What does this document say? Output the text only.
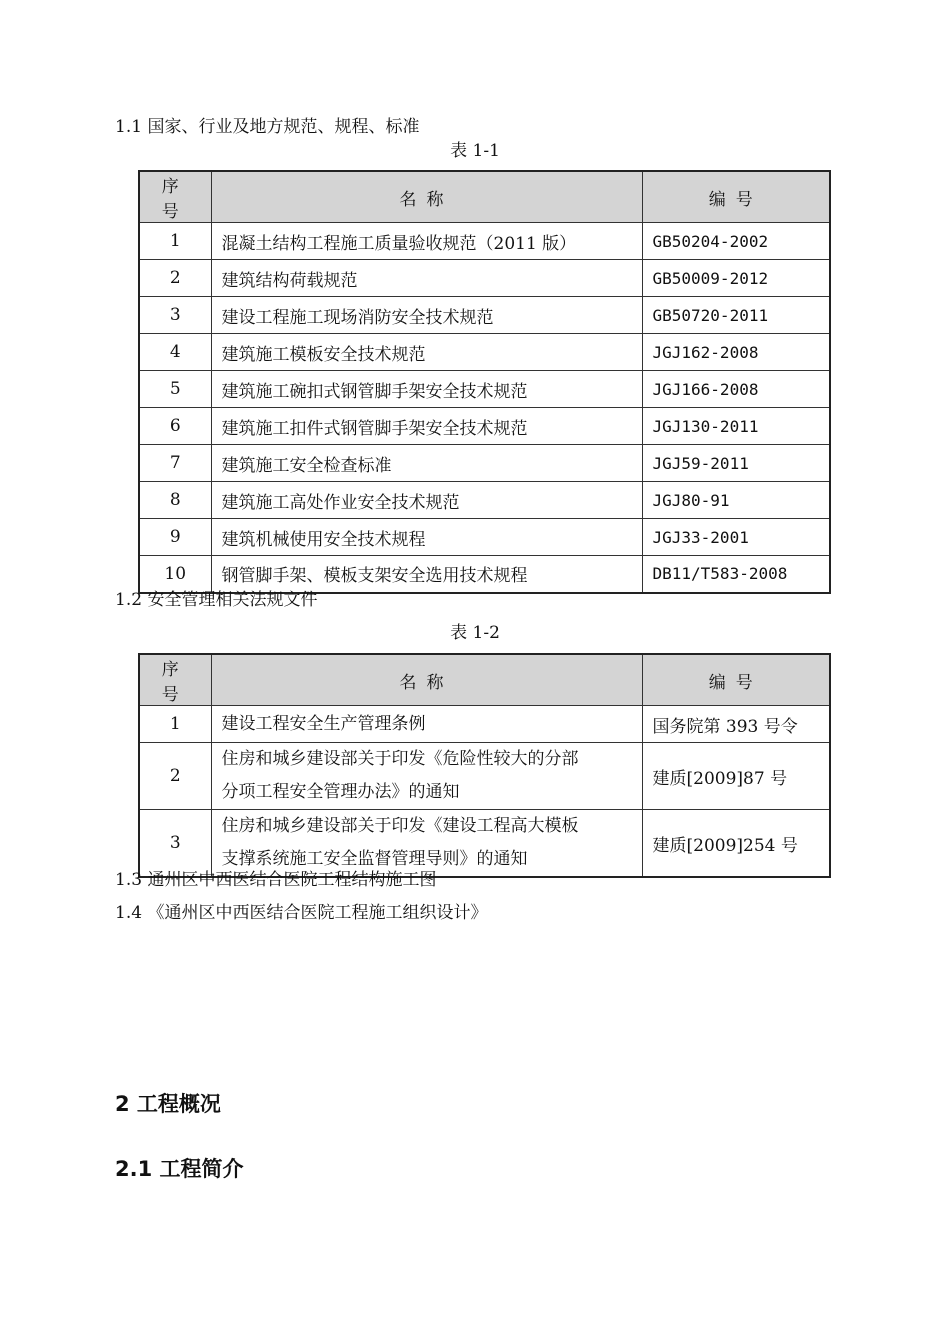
1.1 国家、行业及地方规范、规程、标准
表 1-1
序号	名称	编号
1	混凝土结构工程施工质量验收规范（2011 版）	GB50204-2002
2	建筑结构荷载规范	GB50009-2012
3	建设工程施工现场消防安全技术规范	GB50720-2011
4	建筑施工模板安全技术规范	JGJ162-2008
5	建筑施工碗扣式钢管脚手架安全技术规范	JGJ166-2008
6	建筑施工扣件式钢管脚手架安全技术规范	JGJ130-2011
7	建筑施工安全检查标准	JGJ59-2011
8	建筑施工高处作业安全技术规范	JGJ80-91
9	建筑机械使用安全技术规程	JGJ33-2001
10	钢管脚手架、模板支架安全选用技术规程	DB11/T583-2008
1.2 安全管理相关法规文件
表 1-2
序号	名称	编号
1	建设工程安全生产管理条例	国务院第 393 号令
2	住房和城乡建设部关于印发《危险性较大的分部
分项工程安全管理办法》的通知	建质[2009]87 号
3	住房和城乡建设部关于印发《建设工程高大模板
支撑系统施工安全监督管理导则》的通知	建质[2009]254 号
1.3 通州区中西医结合医院工程结构施工图
1.4 《通州区中西医结合医院工程施工组织设计》
2 工程概况
2.1 工程简介
